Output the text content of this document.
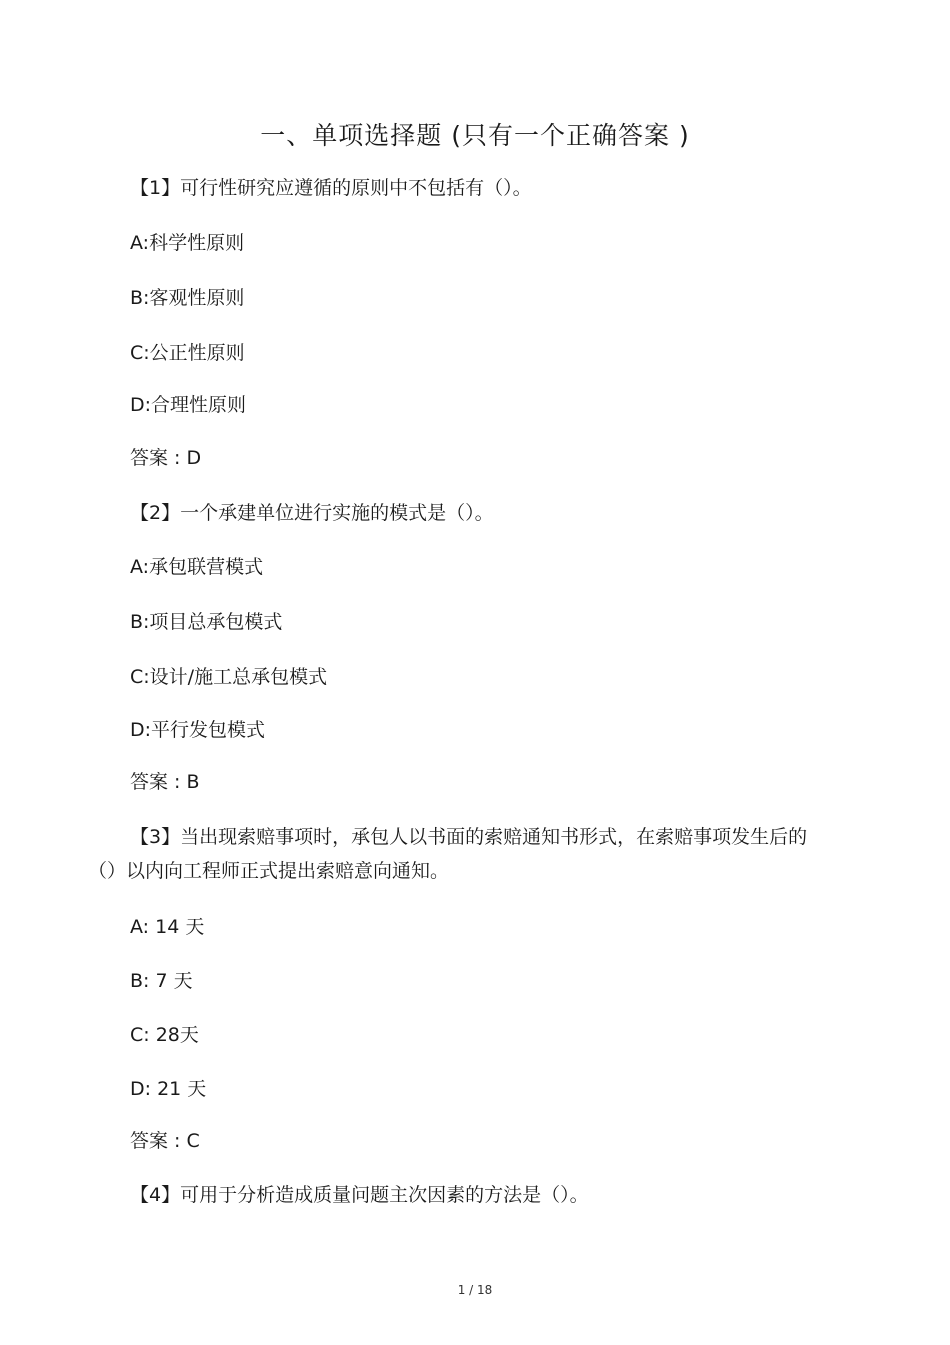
一、单项选择题 (只有一个正确答案 )
【1】可行性研究应遵循的原则中不包括有（）。
A:科学性原则
B:客观性原则
C:公正性原则
D:合理性原则
答案 : D
【2】一个承建单位进行实施的模式是（）。
A:承包联营模式
B:项目总承包模式
C:设计/施工总承包模式
D:平行发包模式
答案 : B
【3】当出现索赔事项时，承包人以书面的索赔通知书形式，在索赔事项发生后的（）以内向工程师正式提出索赔意向通知。
A: 14 天
B: 7 天
C: 28天
D: 21 天
答案 : C
【4】可用于分析造成质量问题主次因素的方法是（）。
1 / 18
